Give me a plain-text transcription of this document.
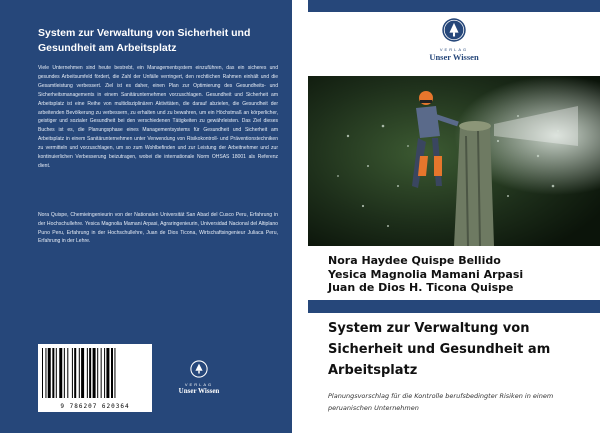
System zur Verwaltung von Sicherheit und Gesundheit am Arbeitsplatz
Viele Unternehmen sind heute bestrebt, ein Managementsystem einzuführen, das ein sicheres und gesundes Arbeitsumfeld fördert, die Zahl der Unfälle verringert, den rechtlichen Rahmen einhält und die Gesamtleistung verbessert. Ziel ist es daher, einen Plan zur Optimierung des Gesundheits- und Sicherheitsmanagements in einem Sanitärunternehmen vorzuschlagen. Gesundheit und Sicherheit am Arbeitsplatz ist eine Reihe von multidisziplinären Aktivitäten, die darauf abzielen, die Gesundheit der arbeitenden Bevölkerung zu verbessern, zu erhalten und zu bewahren, um ein Höchstmaß an körperlicher, geistiger und sozialer Gesundheit bei den verschiedenen Tätigkeiten zu gewährleisten. Das Ziel dieses Buches ist es, die Planungsphase eines Managementsystems für Gesundheit und Sicherheit am Arbeitsplatz in einem Sanitärunternehmen unter Verwendung von Risikokontroll- und Präventionstechniken zu vermitteln und vorzuschlagen, um so zum Wohlbefinden und zur Leistung der Arbeitnehmer und zur kontinuierlichen Verbesserung beizutragen, wobei die internationale Norm OHSAS 18001 als Referenz dient.
Nora Quispe, Chemieingenieurin von der Nationalen Universität San Abad del Cusco Peru, Erfahrung in der Hochschullehre. Yesica Magnolia Mamani Arpasi, Agraringenieurin, Universidad Nacional del Altiplano Puno Peru, Erfahrung in der Hochschullehre, Juan de Dios Ticona, Wirtschaftsingenieur Juliaca Peru, Erfahrung in der Lehre.
9 786207 620364
VERLAG
Unser Wissen
VERLAG
Unser Wissen
Nora Haydee Quispe Bellido
Yesica Magnolia Mamani Arpasi
Juan de Dios H. Ticona Quispe
System zur Verwaltung von Sicherheit und Gesundheit am Arbeitsplatz
Planungsvorschlag für die Kontrolle berufsbedingter Risiken in einem peruanischen Unternehmen
